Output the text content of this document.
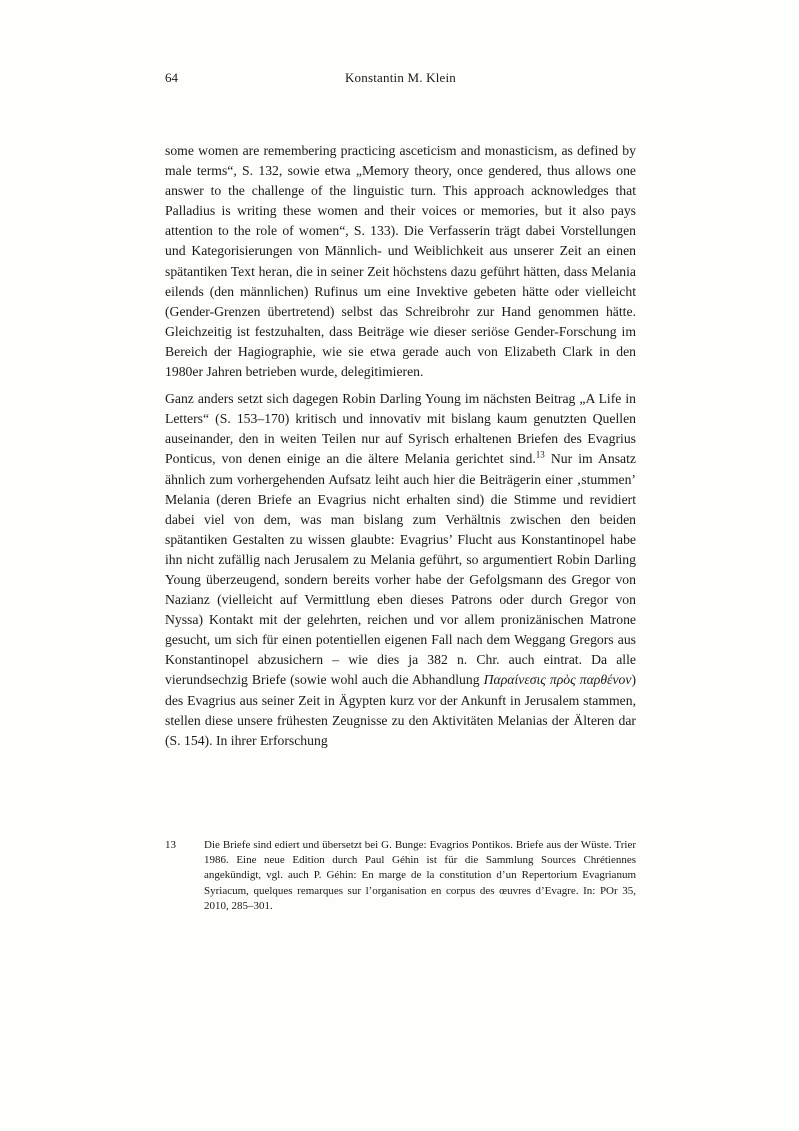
64	Konstantin M. Klein

some women are remembering practicing asceticism and monasticism, as defined by male terms“, S. 132, sowie etwa „Memory theory, once gendered, thus allows one answer to the challenge of the linguistic turn. This approach acknowledges that Palladius is writing these women and their voices or memories, but it also pays attention to the role of women“, S. 133). Die Verfasserin trägt dabei Vorstellungen und Kategorisierungen von Männlich- und Weiblichkeit aus unserer Zeit an einen spätantiken Text heran, die in seiner Zeit höchstens dazu geführt hätten, dass Melania eilends (den männlichen) Rufinus um eine Invektive gebeten hätte oder vielleicht (Gender-Grenzen übertretend) selbst das Schreibrohr zur Hand genommen hätte. Gleichzeitig ist festzuhalten, dass Beiträge wie dieser seriöse Gender-Forschung im Bereich der Hagiographie, wie sie etwa gerade auch von Elizabeth Clark in den 1980er Jahren betrieben wurde, delegitimieren.

Ganz anders setzt sich dagegen Robin Darling Young im nächsten Beitrag „A Life in Letters“ (S. 153–170) kritisch und innovativ mit bislang kaum genutzten Quellen auseinander, den in weiten Teilen nur auf Syrisch erhaltenen Briefen des Evagrius Ponticus, von denen einige an die ältere Melania gerichtet sind.$^{13}$ Nur im Ansatz ähnlich zum vorhergehenden Aufsatz leiht auch hier die Beiträgerin einer ‚stummen’ Melania (deren Briefe an Evagrius nicht erhalten sind) die Stimme und revidiert dabei viel von dem, was man bislang zum Verhältnis zwischen den beiden spätantiken Gestalten zu wissen glaubte: Evagrius’ Flucht aus Konstantinopel habe ihn nicht zufällig nach Jerusalem zu Melania geführt, so argumentiert Robin Darling Young überzeugend, sondern bereits vorher habe der Gefolgsmann des Gregor von Nazianz (vielleicht auf Vermittlung eben dieses Patrons oder durch Gregor von Nyssa) Kontakt mit der gelehrten, reichen und vor allem pronizänischen Matrone gesucht, um sich für einen potentiellen eigenen Fall nach dem Weggang Gregors aus Konstantinopel abzusichern – wie dies ja 382 n. Chr. auch eintrat. Da alle vierundsechzig Briefe (sowie wohl auch die Abhandlung Παραίνεσις πρὸς παρθένον) des Evagrius aus seiner Zeit in Ägypten kurz vor der Ankunft in Jerusalem stammen, stellen diese unsere frühesten Zeugnisse zu den Aktivitäten Melanias der Älteren dar (S. 154). In ihrer Erforschung

13	Die Briefe sind ediert und übersetzt bei G. Bunge: Evagrios Pontikos. Briefe aus der Wüste. Trier 1986. Eine neue Edition durch Paul Géhin ist für die Sammlung Sources Chrétiennes angekündigt, vgl. auch P. Géhin: En marge de la constitution d’un Repertorium Evagrianum Syriacum, quelques remarques sur l’organisation en corpus des œuvres d’Evagre. In: POr 35, 2010, 285–301.
